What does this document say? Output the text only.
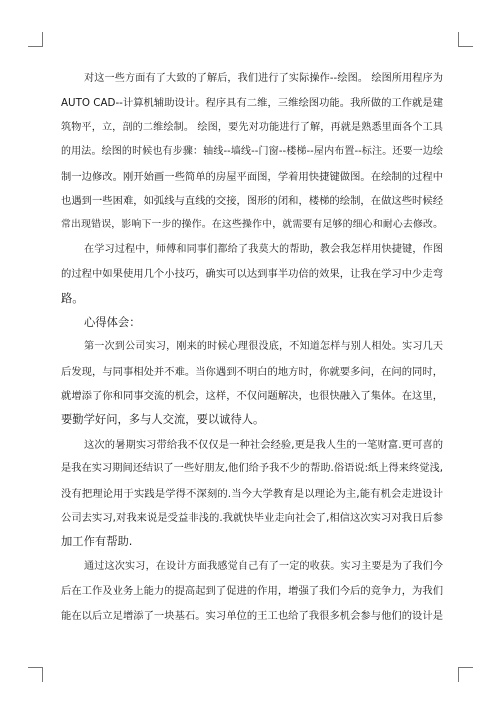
对这一些方面有了大致的了解后，我们进行了实际操作--绘图。 绘图所用程序为
AUTO CAD--计算机辅助设计。程序具有二维，三维绘图功能。我所做的工作就是建
筑物平，立，剖的二维绘制。 绘图，要先对功能进行了解，再就是熟悉里面各个工具
的用法。绘图的时候也有步骤：轴线--墙线--门窗--楼梯--屋内布置--标注。还要一边绘
制一边修改。刚开始画一些简单的房屋平面图，学着用快捷键做图。在绘制的过程中
也遇到一些困难，如弧线与直线的交接，图形的闭和，楼梯的绘制，在做这些时候经
常出现错误，影响下一步的操作。在这些操作中，就需要有足够的细心和耐心去修改。
在学习过程中，师傅和同事们都给了我莫大的帮助，教会我怎样用快捷键，作图
的过程中如果使用几个小技巧，确实可以达到事半功倍的效果，让我在学习中少走弯
路。
心得体会：
第一次到公司实习，刚来的时候心理很没底，不知道怎样与别人相处。实习几天
后发现，与同事相处并不难。当你遇到不明白的地方时，你就要多问，在问的同时，
就增添了你和同事交流的机会，这样，不仅问题解决，也很快融入了集体。在这里，
要勤学好问，多与人交流，要以诚待人。
这次的暑期实习带给我不仅仅是一种社会经验,更是我人生的一笔财富.更可喜的
是我在实习期间还结识了一些好朋友,他们给予我不少的帮助.俗语说:纸上得来终觉浅,
没有把理论用于实践是学得不深刻的.当今大学教育是以理论为主,能有机会走进设计
公司去实习,对我来说是受益非浅的.我就快毕业走向社会了,相信这次实习对我日后参
加工作有帮助.
通过这次实习，在设计方面我感觉自己有了一定的收获。实习主要是为了我们今
后在工作及业务上能力的提高起到了促进的作用，增强了我们今后的竞争力，为我们
能在以后立足增添了一块基石。实习单位的王工也给了我很多机会参与他们的设计是
